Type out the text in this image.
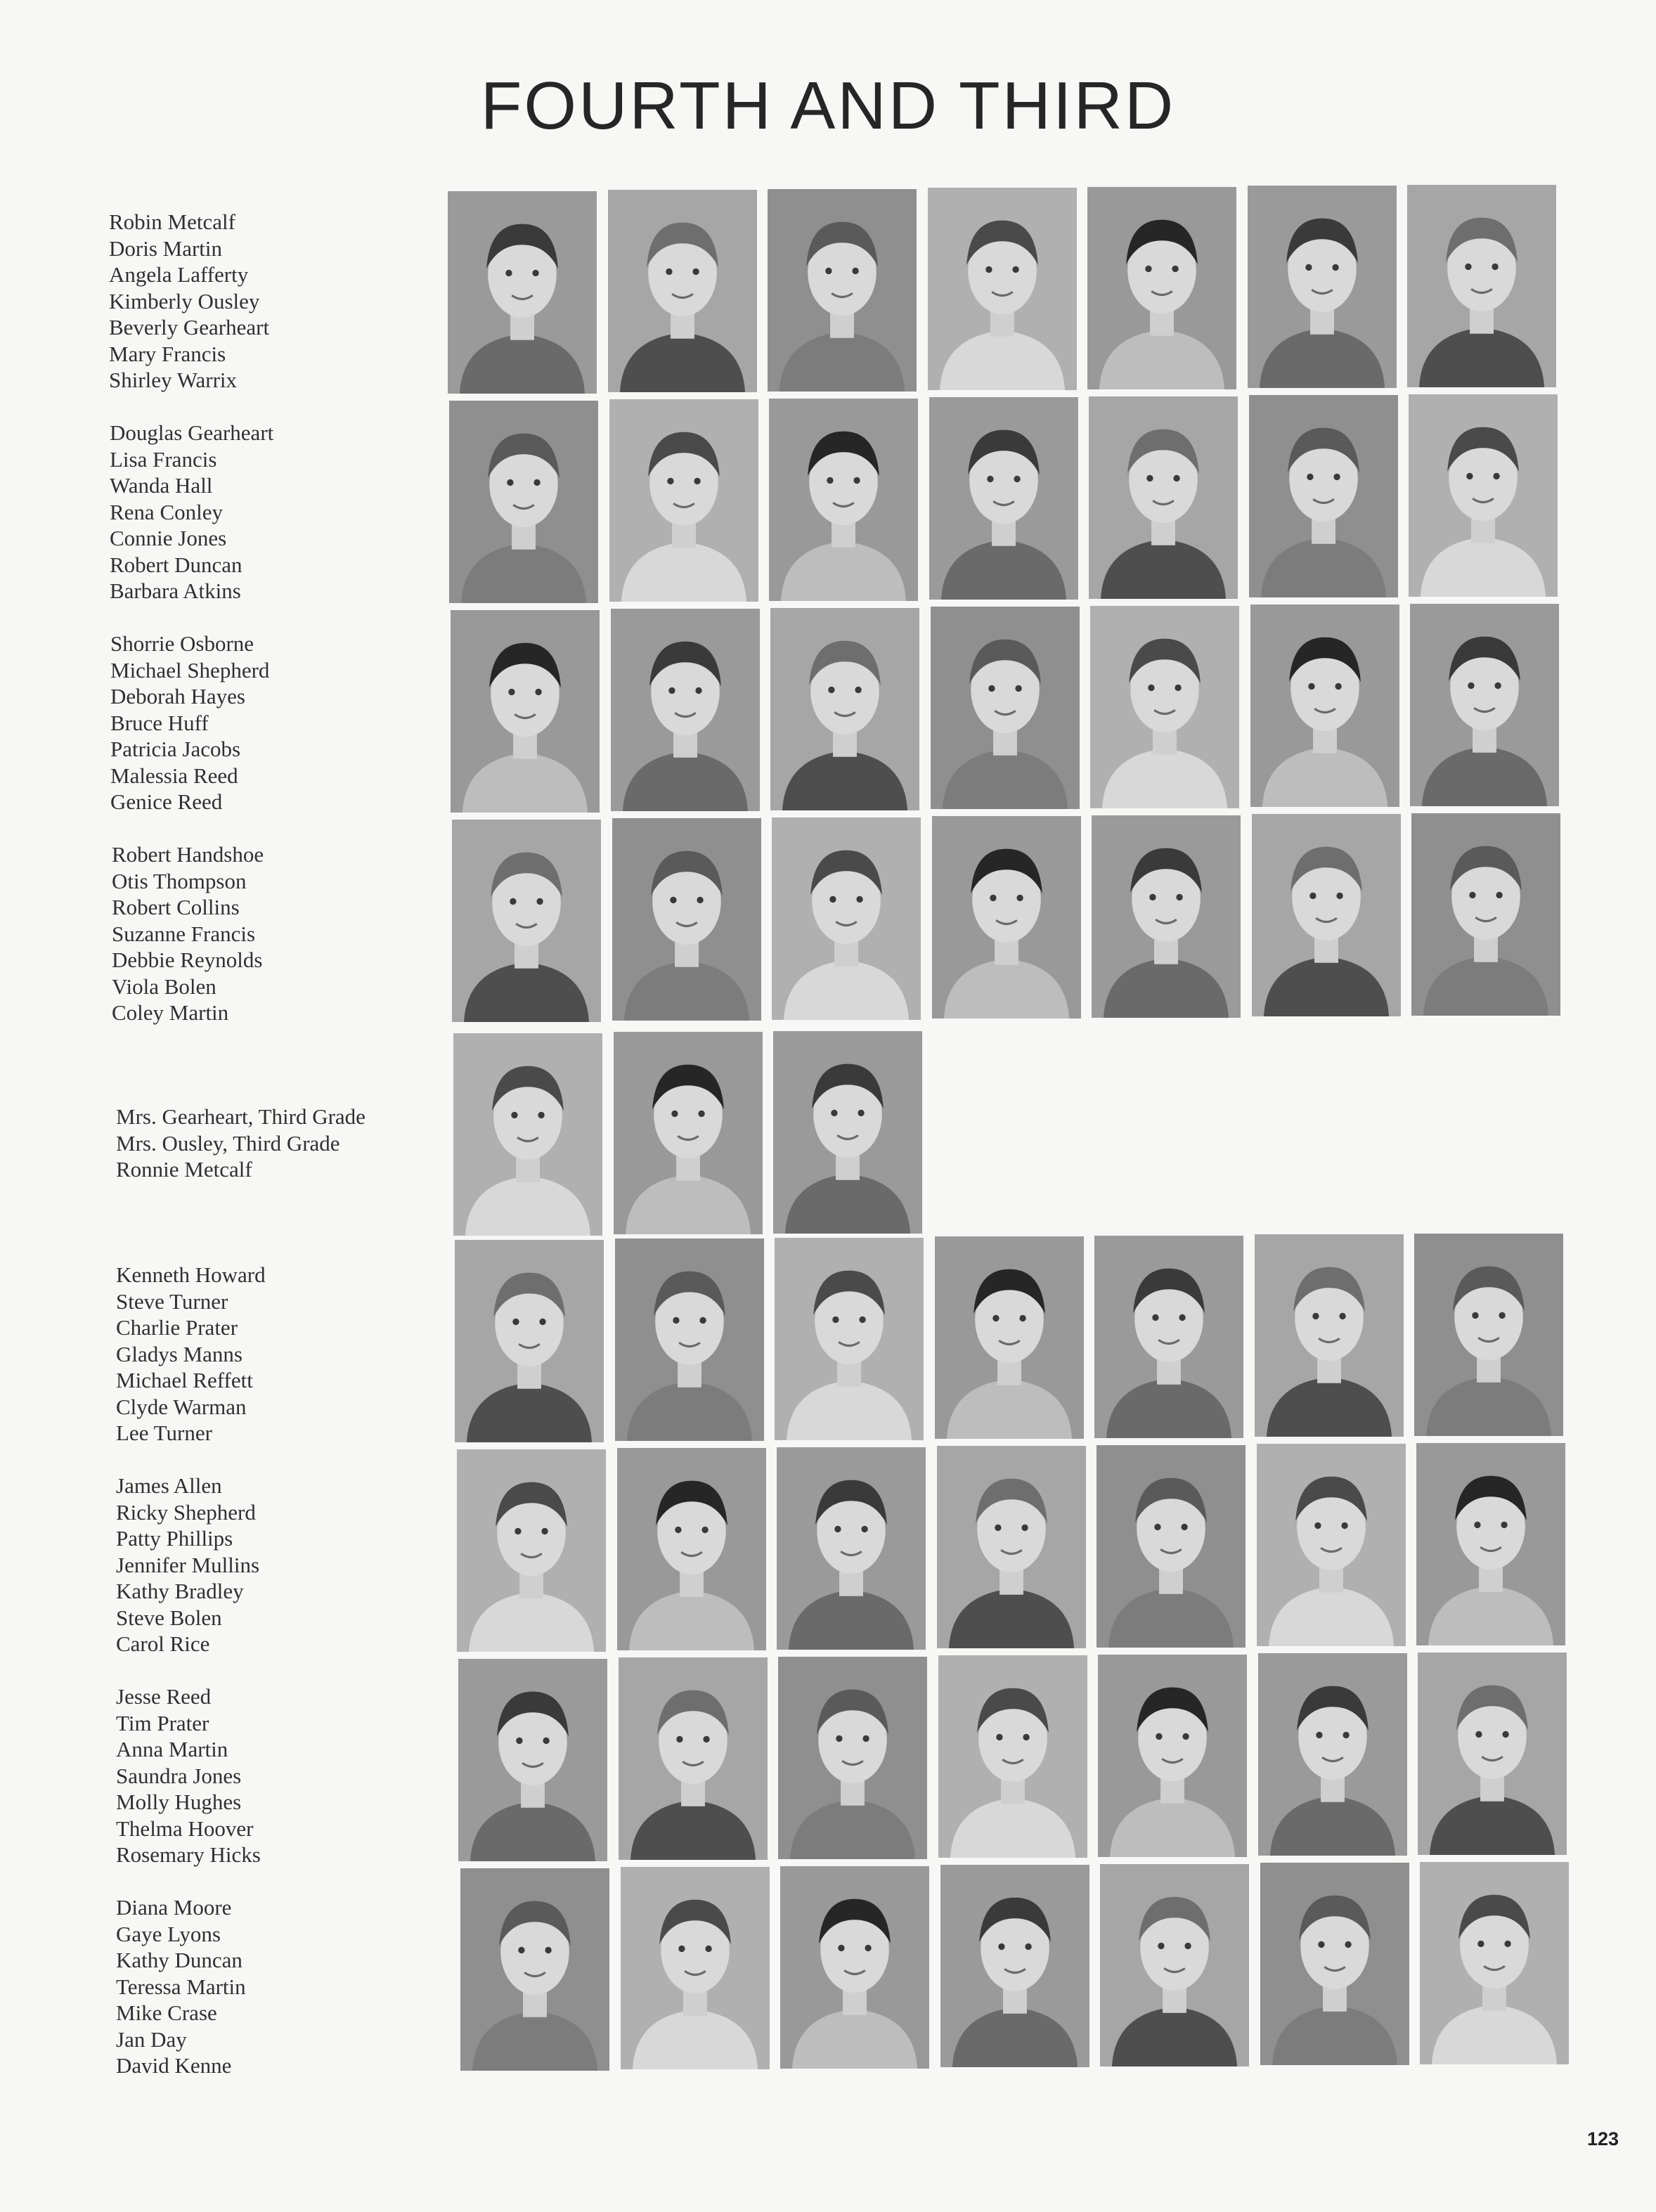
FOURTH AND THIRD
Robin Metcalf
Doris Martin
Angela Lafferty
Kimberly Ousley
Beverly Gearheart
Mary Francis
Shirley Warrix
Douglas Gearheart
Lisa Francis
Wanda Hall
Rena Conley
Connie Jones
Robert Duncan
Barbara Atkins
Shorrie Osborne
Michael Shepherd
Deborah Hayes
Bruce Huff
Patricia Jacobs
Malessia Reed
Genice Reed
Robert Handshoe
Otis Thompson
Robert Collins
Suzanne Francis
Debbie Reynolds
Viola Bolen
Coley Martin
Mrs. Gearheart, Third Grade
Mrs. Ousley, Third Grade
Ronnie Metcalf
Kenneth Howard
Steve Turner
Charlie Prater
Gladys Manns
Michael Reffett
Clyde Warman
Lee Turner
James Allen
Ricky Shepherd
Patty Phillips
Jennifer Mullins
Kathy Bradley
Steve Bolen
Carol Rice
Jesse Reed
Tim Prater
Anna Martin
Saundra Jones
Molly Hughes
Thelma Hoover
Rosemary Hicks
Diana Moore
Gaye Lyons
Kathy Duncan
Teressa Martin
Mike Crase
Jan Day
David Kenne
123
